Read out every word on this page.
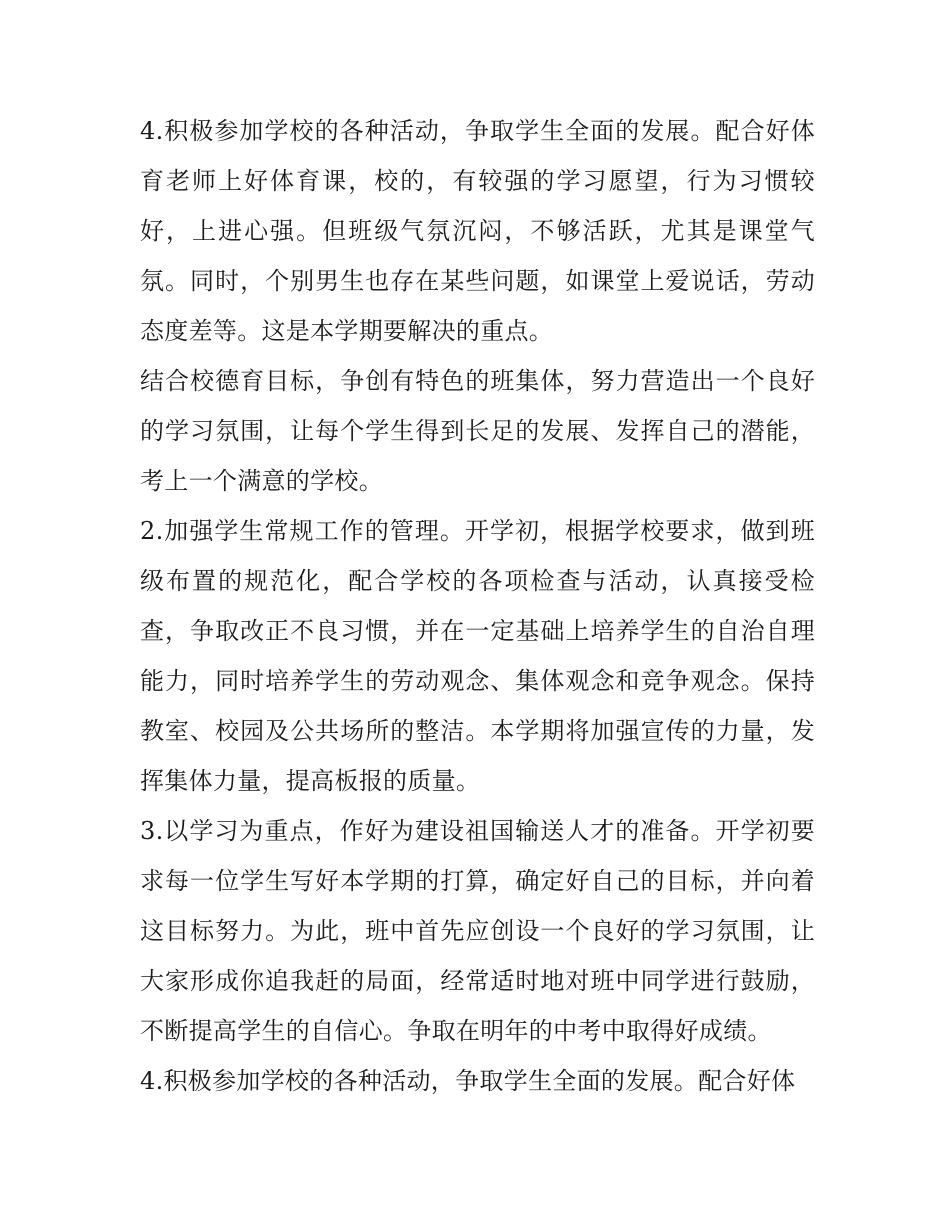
4.积极参加学校的各种活动，争取学生全面的发展。配合好体育老师上好体育课，校的，有较强的学习愿望，行为习惯较好，上进心强。但班级气氛沉闷，不够活跃，尤其是课堂气氛。同时，个别男生也存在某些问题，如课堂上爱说话，劳动态度差等。这是本学期要解决的重点。

结合校德育目标，争创有特色的班集体，努力营造出一个良好的学习氛围，让每个学生得到长足的发展、发挥自己的潜能，考上一个满意的学校。

2.加强学生常规工作的管理。开学初，根据学校要求，做到班级布置的规范化，配合学校的各项检查与活动，认真接受检查，争取改正不良习惯，并在一定基础上培养学生的自治自理能力，同时培养学生的劳动观念、集体观念和竞争观念。保持教室、校园及公共场所的整洁。本学期将加强宣传的力量，发挥集体力量，提高板报的质量。

3.以学习为重点，作好为建设祖国输送人才的准备。开学初要求每一位学生写好本学期的打算，确定好自己的目标，并向着这目标努力。为此，班中首先应创设一个良好的学习氛围，让大家形成你追我赶的局面，经常适时地对班中同学进行鼓励，不断提高学生的自信心。争取在明年的中考中取得好成绩。

4.积极参加学校的各种活动，争取学生全面的发展。配合好体
